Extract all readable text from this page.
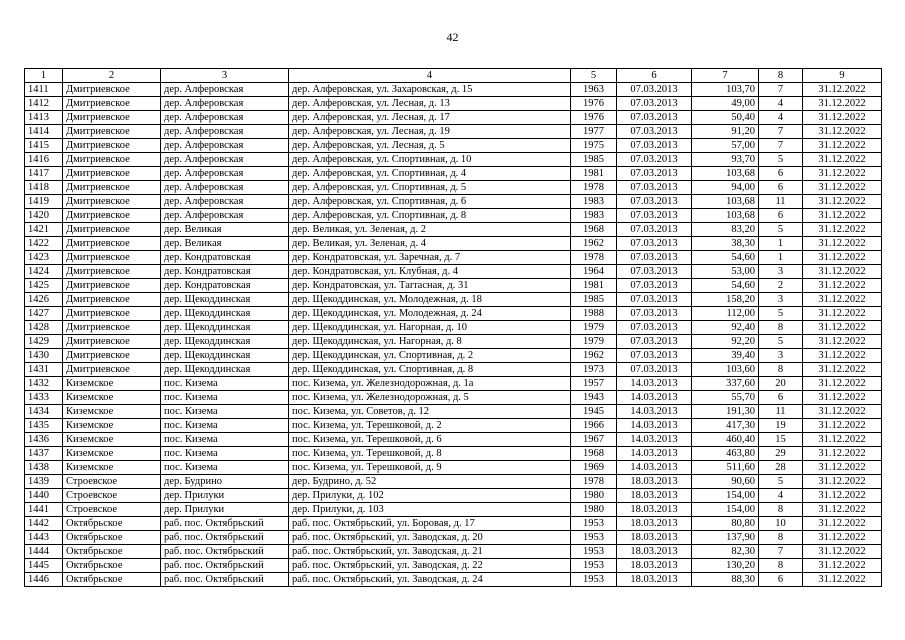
42
1	2	3	4	5	6	7	8	9
1411	Дмитриевское	дер. Алферовская	дер. Алферовская, ул. Захаровская, д. 15	1963	07.03.2013	103,70	7	31.12.2022
1412	Дмитриевское	дер. Алферовская	дер. Алферовская, ул. Лесная, д. 13	1976	07.03.2013	49,00	4	31.12.2022
1413	Дмитриевское	дер. Алферовская	дер. Алферовская, ул. Лесная, д. 17	1976	07.03.2013	50,40	4	31.12.2022
1414	Дмитриевское	дер. Алферовская	дер. Алферовская, ул. Лесная, д. 19	1977	07.03.2013	91,20	7	31.12.2022
1415	Дмитриевское	дер. Алферовская	дер. Алферовская, ул. Лесная, д. 5	1975	07.03.2013	57,00	7	31.12.2022
1416	Дмитриевское	дер. Алферовская	дер. Алферовская, ул. Спортивная, д. 10	1985	07.03.2013	93,70	5	31.12.2022
1417	Дмитриевское	дер. Алферовская	дер. Алферовская, ул. Спортивная, д. 4	1981	07.03.2013	103,68	6	31.12.2022
1418	Дмитриевское	дер. Алферовская	дер. Алферовская, ул. Спортивная, д. 5	1978	07.03.2013	94,00	6	31.12.2022
1419	Дмитриевское	дер. Алферовская	дер. Алферовская, ул. Спортивная, д. 6	1983	07.03.2013	103,68	11	31.12.2022
1420	Дмитриевское	дер. Алферовская	дер. Алферовская, ул. Спортивная, д. 8	1983	07.03.2013	103,68	6	31.12.2022
1421	Дмитриевское	дер. Великая	дер. Великая, ул. Зеленая, д. 2	1968	07.03.2013	83,20	5	31.12.2022
1422	Дмитриевское	дер. Великая	дер. Великая, ул. Зеленая, д. 4	1962	07.03.2013	38,30	1	31.12.2022
1423	Дмитриевское	дер. Кондратовская	дер. Кондратовская, ул. Заречная, д. 7	1978	07.03.2013	54,60	1	31.12.2022
1424	Дмитриевское	дер. Кондратовская	дер. Кондратовская, ул. Клубная, д. 4	1964	07.03.2013	53,00	3	31.12.2022
1425	Дмитриевское	дер. Кондратовская	дер. Кондратовская, ул. Тагrасная, д. 31	1981	07.03.2013	54,60	2	31.12.2022
1426	Дмитриевское	дер. Щекоддинская	дер. Щекоддинская, ул. Молодежная, д. 18	1985	07.03.2013	158,20	3	31.12.2022
1427	Дмитриевское	дер. Щекоддинская	дер. Щекоддинская, ул. Молодежная, д. 24	1988	07.03.2013	112,00	5	31.12.2022
1428	Дмитриевское	дер. Щекоддинская	дер. Щекоддинская, ул. Нагорная, д. 10	1979	07.03.2013	92,40	8	31.12.2022
1429	Дмитриевское	дер. Щекоддинская	дер. Щекоддинская, ул. Нагорная, д. 8	1979	07.03.2013	92,20	5	31.12.2022
1430	Дмитриевское	дер. Щекоддинская	дер. Щекоддинская, ул. Спортивная, д. 2	1962	07.03.2013	39,40	3	31.12.2022
1431	Дмитриевское	дер. Щекоддинская	дер. Щекоддинская, ул. Спортивная, д. 8	1973	07.03.2013	103,60	8	31.12.2022
1432	Киземское	пос. Кизема	пос. Кизема, ул. Железнодорожная, д. 1а	1957	14.03.2013	337,60	20	31.12.2022
1433	Киземское	пос. Кизема	пос. Кизема, ул. Железнодорожная, д. 5	1943	14.03.2013	55,70	6	31.12.2022
1434	Киземское	пос. Кизема	пос. Кизема, ул. Советов, д. 12	1945	14.03.2013	191,30	11	31.12.2022
1435	Киземское	пос. Кизема	пос. Кизема, ул. Терешковой, д. 2	1966	14.03.2013	417,30	19	31.12.2022
1436	Киземское	пос. Кизема	пос. Кизема, ул. Терешковой, д. 6	1967	14.03.2013	460,40	15	31.12.2022
1437	Киземское	пос. Кизема	пос. Кизема, ул. Терешковой, д. 8	1968	14.03.2013	463,80	29	31.12.2022
1438	Киземское	пос. Кизема	пос. Кизема, ул. Терешковой, д. 9	1969	14.03.2013	511,60	28	31.12.2022
1439	Строевское	дер. Будрино	дер. Будрино, д. 52	1978	18.03.2013	90,60	5	31.12.2022
1440	Строевское	дер. Прилуки	дер. Прилуки, д. 102	1980	18.03.2013	154,00	4	31.12.2022
1441	Строевское	дер. Прилуки	дер. Прилуки, д. 103	1980	18.03.2013	154,00	8	31.12.2022
1442	Октябрьское	раб. пос. Октябрьский	раб. пос. Октябрьский, ул. Боровая, д. 17	1953	18.03.2013	80,80	10	31.12.2022
1443	Октябрьское	раб. пос. Октябрьский	раб. пос. Октябрьский, ул. Заводская, д. 20	1953	18.03.2013	137,90	8	31.12.2022
1444	Октябрьское	раб. пос. Октябрьский	раб. пос. Октябрьский, ул. Заводская, д. 21	1953	18.03.2013	82,30	7	31.12.2022
1445	Октябрьское	раб. пос. Октябрьский	раб. пос. Октябрьский, ул. Заводская, д. 22	1953	18.03.2013	130,20	8	31.12.2022
1446	Октябрьское	раб. пос. Октябрьский	раб. пос. Октябрьский, ул. Заводская, д. 24	1953	18.03.2013	88,30	6	31.12.2022
